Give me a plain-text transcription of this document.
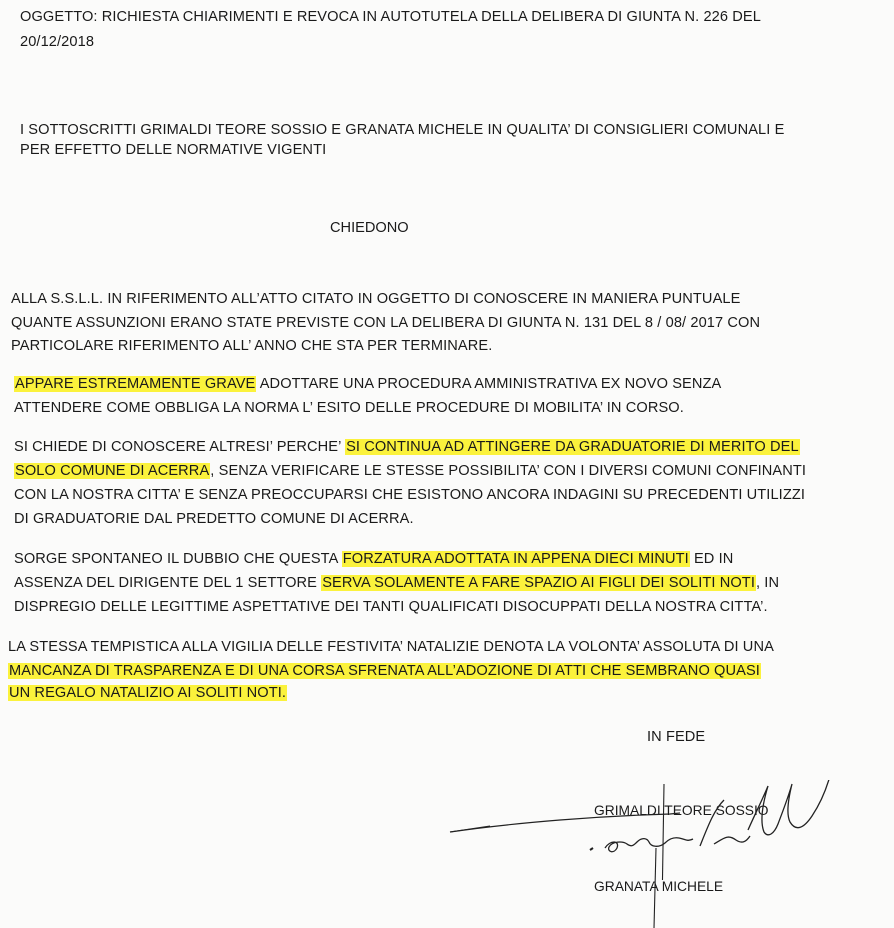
OGGETTO: RICHIESTA CHIARIMENTI E REVOCA IN AUTOTUTELA DELLA DELIBERA DI GIUNTA N. 226 DEL
20/12/2018
I SOTTOSCRITTI GRIMALDI TEORE SOSSIO E GRANATA MICHELE IN QUALITA’ DI CONSIGLIERI COMUNALI E
PER EFFETTO DELLE NORMATIVE VIGENTI
CHIEDONO
ALLA S.S.L.L. IN RIFERIMENTO ALL’ATTO CITATO IN OGGETTO DI CONOSCERE IN MANIERA PUNTUALE
QUANTE ASSUNZIONI ERANO STATE PREVISTE CON LA DELIBERA DI GIUNTA N. 131 DEL 8 / 08/ 2017 CON
PARTICOLARE RIFERIMENTO ALL’ ANNO CHE STA PER TERMINARE.
APPARE ESTREMAMENTE GRAVE ADOTTARE UNA PROCEDURA AMMINISTRATIVA EX NOVO SENZA
ATTENDERE COME OBBLIGA LA NORMA L’ ESITO DELLE PROCEDURE DI MOBILITA’ IN CORSO.
SI CHIEDE DI CONOSCERE ALTRESI’ PERCHE’ SI CONTINUA AD ATTINGERE DA GRADUATORIE DI MERITO DEL
SOLO COMUNE DI ACERRA, SENZA VERIFICARE LE STESSE POSSIBILITA’ CON I DIVERSI COMUNI CONFINANTI
CON LA NOSTRA CITTA’ E SENZA PREOCCUPARSI CHE ESISTONO ANCORA INDAGINI SU PRECEDENTI UTILIZZI
DI GRADUATORIE DAL PREDETTO COMUNE DI ACERRA.
SORGE SPONTANEO IL DUBBIO CHE QUESTA FORZATURA ADOTTATA IN APPENA DIECI MINUTI ED IN
ASSENZA DEL DIRIGENTE DEL 1 SETTORE SERVA SOLAMENTE A FARE SPAZIO AI FIGLI DEI SOLITI NOTI, IN
DISPREGIO DELLE LEGITTIME ASPETTATIVE DEI TANTI QUALIFICATI DISOCUPPATI DELLA NOSTRA CITTA’.
LA STESSA TEMPISTICA ALLA VIGILIA DELLE FESTIVITA’ NATALIZIE DENOTA LA VOLONTA’ ASSOLUTA DI UNA
MANCANZA DI TRASPARENZA E DI UNA CORSA SFRENATA ALL’ADOZIONE DI ATTI CHE SEMBRANO QUASI
UN REGALO NATALIZIO AI SOLITI NOTI.
IN FEDE
GRIMALDI TEORE SOSSIO
GRANATA MICHELE
